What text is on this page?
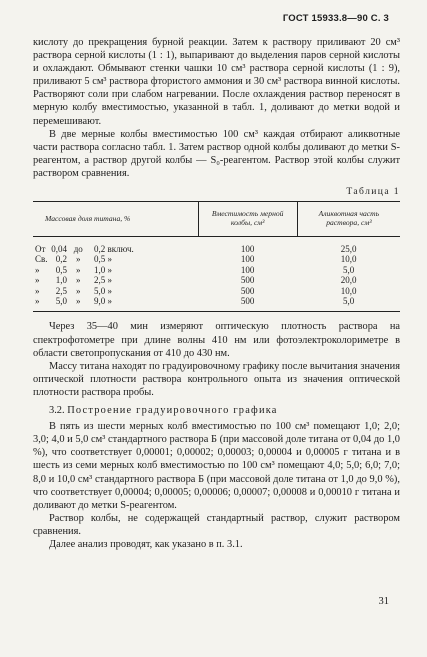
ГОСТ 15933.8—90 С. 3

кислоту до прекращения бурной реакции. Затем к раствору приливают 20 см³ раствора серной кислоты (1 : 1), выпаривают до выделения паров серной кислоты и охлаждают. Обмывают стенки чашки 10 см³ раствора серной кислоты (1 : 9), приливают 5 см³ раствора фтористого аммония и 30 см³ раствора винной кислоты. Растворяют соли при слабом нагревании. После охлаждения раствор переносят в мерную колбу вместимостью, указанной в табл. 1, доливают до метки водой и перемешивают.

В две мерные колбы вместимостью 100 см³ каждая отбирают аликвотные части раствора согласно табл. 1. Затем раствор одной колбы доливают до метки S-реагентом, а раствор другой колбы — S₀-реагентом. Раствор этой колбы служит раствором сравнения.

Таблица 1
Массовая доля титана, %	Вместимость мерной колбы, см³	Аликвотная часть раствора, см³
От 0,04 до 0,2 включ.	100	25,0
Св. 0,2 » 0,5 »	100	10,0
» 0,5 » 1,0 »	100	5,0
» 1,0 » 2,5 »	500	20,0
» 2,5 » 5,0 »	500	10,0
» 5,0 » 9,0 »	500	5,0

Через 35—40 мин измеряют оптическую плотность раствора на спектрофотометре при длине волны 410 нм или фотоэлектроколориметре в области светопропускания от 410 до 430 нм.

Массу титана находят по градуировочному графику после вычитания значения оптической плотности раствора контрольного опыта из значения оптической плотности раствора пробы.

3.2. Построение градуировочного графика

В пять из шести мерных колб вместимостью по 100 см³ помещают 1,0; 2,0; 3,0; 4,0 и 5,0 см³ стандартного раствора Б (при массовой доле титана от 0,04 до 1,0 %), что соответствует 0,00001; 0,00002; 0,00003; 0,00004 и 0,00005 г титана и в шесть из семи мерных колб вместимостью по 100 см³ помещают 4,0; 5,0; 6,0; 7,0; 8,0 и 10,0 см³ стандартного раствора Б (при массовой доле титана от 1,0 до 9,0 %), что соответствует 0,00004; 0,00005; 0,00006; 0,00007; 0,00008 и 0,00010 г титана и доливают до метки S-реагентом.

Раствор колбы, не содержащей стандартный раствор, служит раствором сравнения.

Далее анализ проводят, как указано в п. 3.1.

31
